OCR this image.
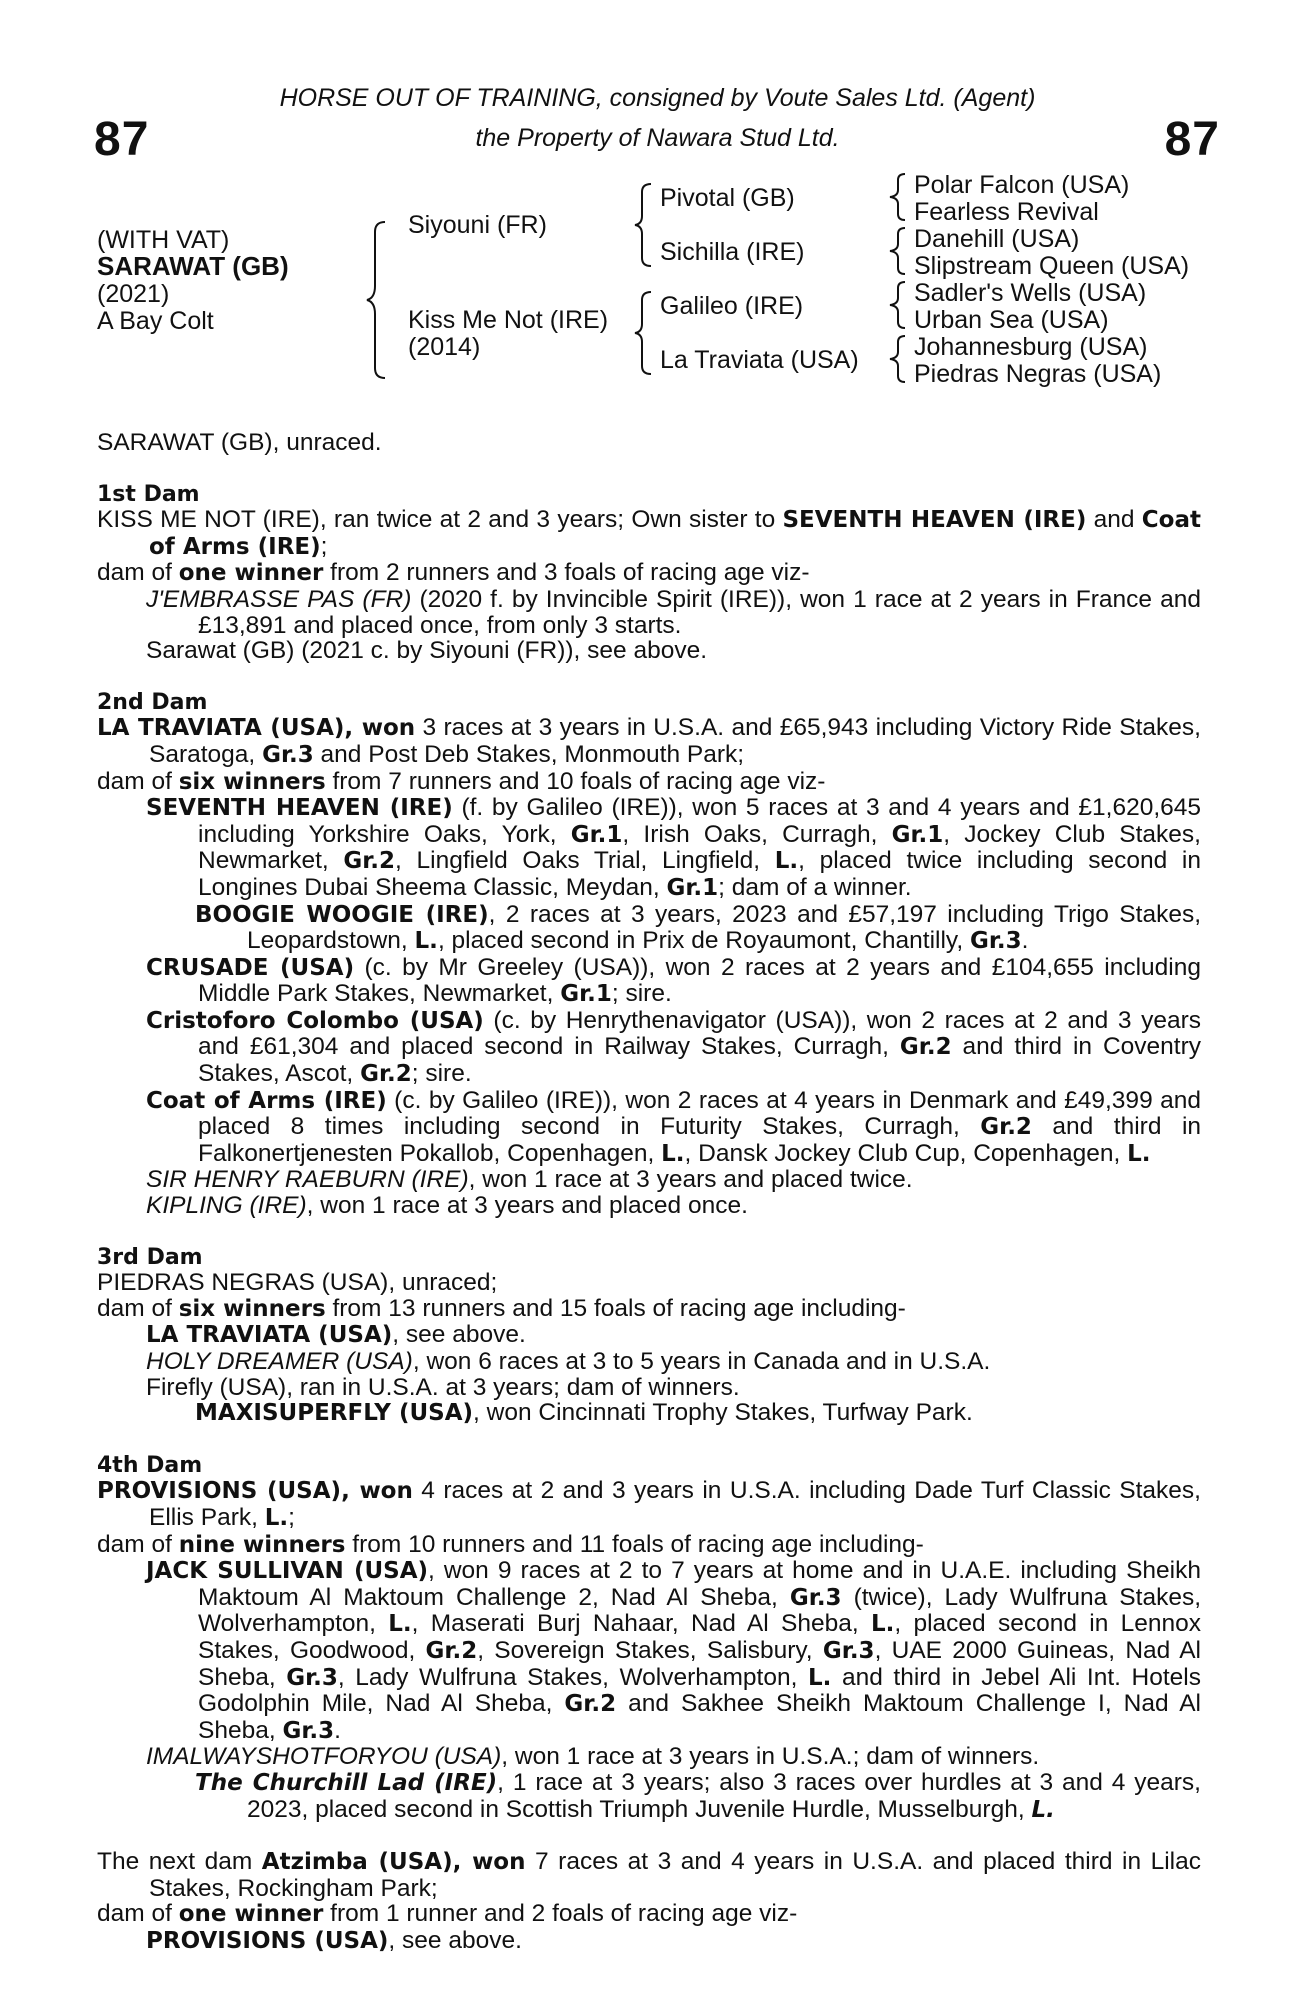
87	87
HORSE OUT OF TRAINING, consigned by Voute Sales Ltd. (Agent)
the Property of Nawara Stud Ltd.
(WITH VAT)
SARAWAT (GB)
(2021)
A Bay Colt
Siyouni (FR)
Kiss Me Not (IRE)
(2014)
Pivotal (GB)
Sichilla (IRE)
Galileo (IRE)
La Traviata (USA)
Polar Falcon (USA)
Fearless Revival
Danehill (USA)
Slipstream Queen (USA)
Sadler's Wells (USA)
Urban Sea (USA)
Johannesburg (USA)
Piedras Negras (USA)
SARAWAT (GB), unraced.
1st Dam
KISS ME NOT (IRE), ran twice at 2 and 3 years; Own sister to SEVENTH HEAVEN (IRE) and Coat of Arms (IRE);
dam of one winner from 2 runners and 3 foals of racing age viz-
J'EMBRASSE PAS (FR) (2020 f. by Invincible Spirit (IRE)), won 1 race at 2 years in France and £13,891 and placed once, from only 3 starts.
Sarawat (GB) (2021 c. by Siyouni (FR)), see above.
2nd Dam
LA TRAVIATA (USA), won 3 races at 3 years in U.S.A. and £65,943 including Victory Ride Stakes, Saratoga, Gr.3 and Post Deb Stakes, Monmouth Park;
dam of six winners from 7 runners and 10 foals of racing age viz-
SEVENTH HEAVEN (IRE) (f. by Galileo (IRE)), won 5 races at 3 and 4 years and £1,620,645 including Yorkshire Oaks, York, Gr.1, Irish Oaks, Curragh, Gr.1, Jockey Club Stakes, Newmarket, Gr.2, Lingfield Oaks Trial, Lingfield, L., placed twice including second in Longines Dubai Sheema Classic, Meydan, Gr.1; dam of a winner.
BOOGIE WOOGIE (IRE), 2 races at 3 years, 2023 and £57,197 including Trigo Stakes, Leopardstown, L., placed second in Prix de Royaumont, Chantilly, Gr.3.
CRUSADE (USA) (c. by Mr Greeley (USA)), won 2 races at 2 years and £104,655 including Middle Park Stakes, Newmarket, Gr.1; sire.
Cristoforo Colombo (USA) (c. by Henrythenavigator (USA)), won 2 races at 2 and 3 years and £61,304 and placed second in Railway Stakes, Curragh, Gr.2 and third in Coventry Stakes, Ascot, Gr.2; sire.
Coat of Arms (IRE) (c. by Galileo (IRE)), won 2 races at 4 years in Denmark and £49,399 and placed 8 times including second in Futurity Stakes, Curragh, Gr.2 and third in Falkonertjenesten Pokallob, Copenhagen, L., Dansk Jockey Club Cup, Copenhagen, L.
SIR HENRY RAEBURN (IRE), won 1 race at 3 years and placed twice.
KIPLING (IRE), won 1 race at 3 years and placed once.
3rd Dam
PIEDRAS NEGRAS (USA), unraced;
dam of six winners from 13 runners and 15 foals of racing age including-
LA TRAVIATA (USA), see above.
HOLY DREAMER (USA), won 6 races at 3 to 5 years in Canada and in U.S.A.
Firefly (USA), ran in U.S.A. at 3 years; dam of winners.
MAXISUPERFLY (USA), won Cincinnati Trophy Stakes, Turfway Park.
4th Dam
PROVISIONS (USA), won 4 races at 2 and 3 years in U.S.A. including Dade Turf Classic Stakes, Ellis Park, L.;
dam of nine winners from 10 runners and 11 foals of racing age including-
JACK SULLIVAN (USA), won 9 races at 2 to 7 years at home and in U.A.E. including Sheikh Maktoum Al Maktoum Challenge 2, Nad Al Sheba, Gr.3 (twice), Lady Wulfruna Stakes, Wolverhampton, L., Maserati Burj Nahaar, Nad Al Sheba, L., placed second in Lennox Stakes, Goodwood, Gr.2, Sovereign Stakes, Salisbury, Gr.3, UAE 2000 Guineas, Nad Al Sheba, Gr.3, Lady Wulfruna Stakes, Wolverhampton, L. and third in Jebel Ali Int. Hotels Godolphin Mile, Nad Al Sheba, Gr.2 and Sakhee Sheikh Maktoum Challenge I, Nad Al Sheba, Gr.3.
IMALWAYSHOTFORYOU (USA), won 1 race at 3 years in U.S.A.; dam of winners.
The Churchill Lad (IRE), 1 race at 3 years; also 3 races over hurdles at 3 and 4 years, 2023, placed second in Scottish Triumph Juvenile Hurdle, Musselburgh, L.
The next dam Atzimba (USA), won 7 races at 3 and 4 years in U.S.A. and placed third in Lilac Stakes, Rockingham Park;
dam of one winner from 1 runner and 2 foals of racing age viz-
PROVISIONS (USA), see above.
